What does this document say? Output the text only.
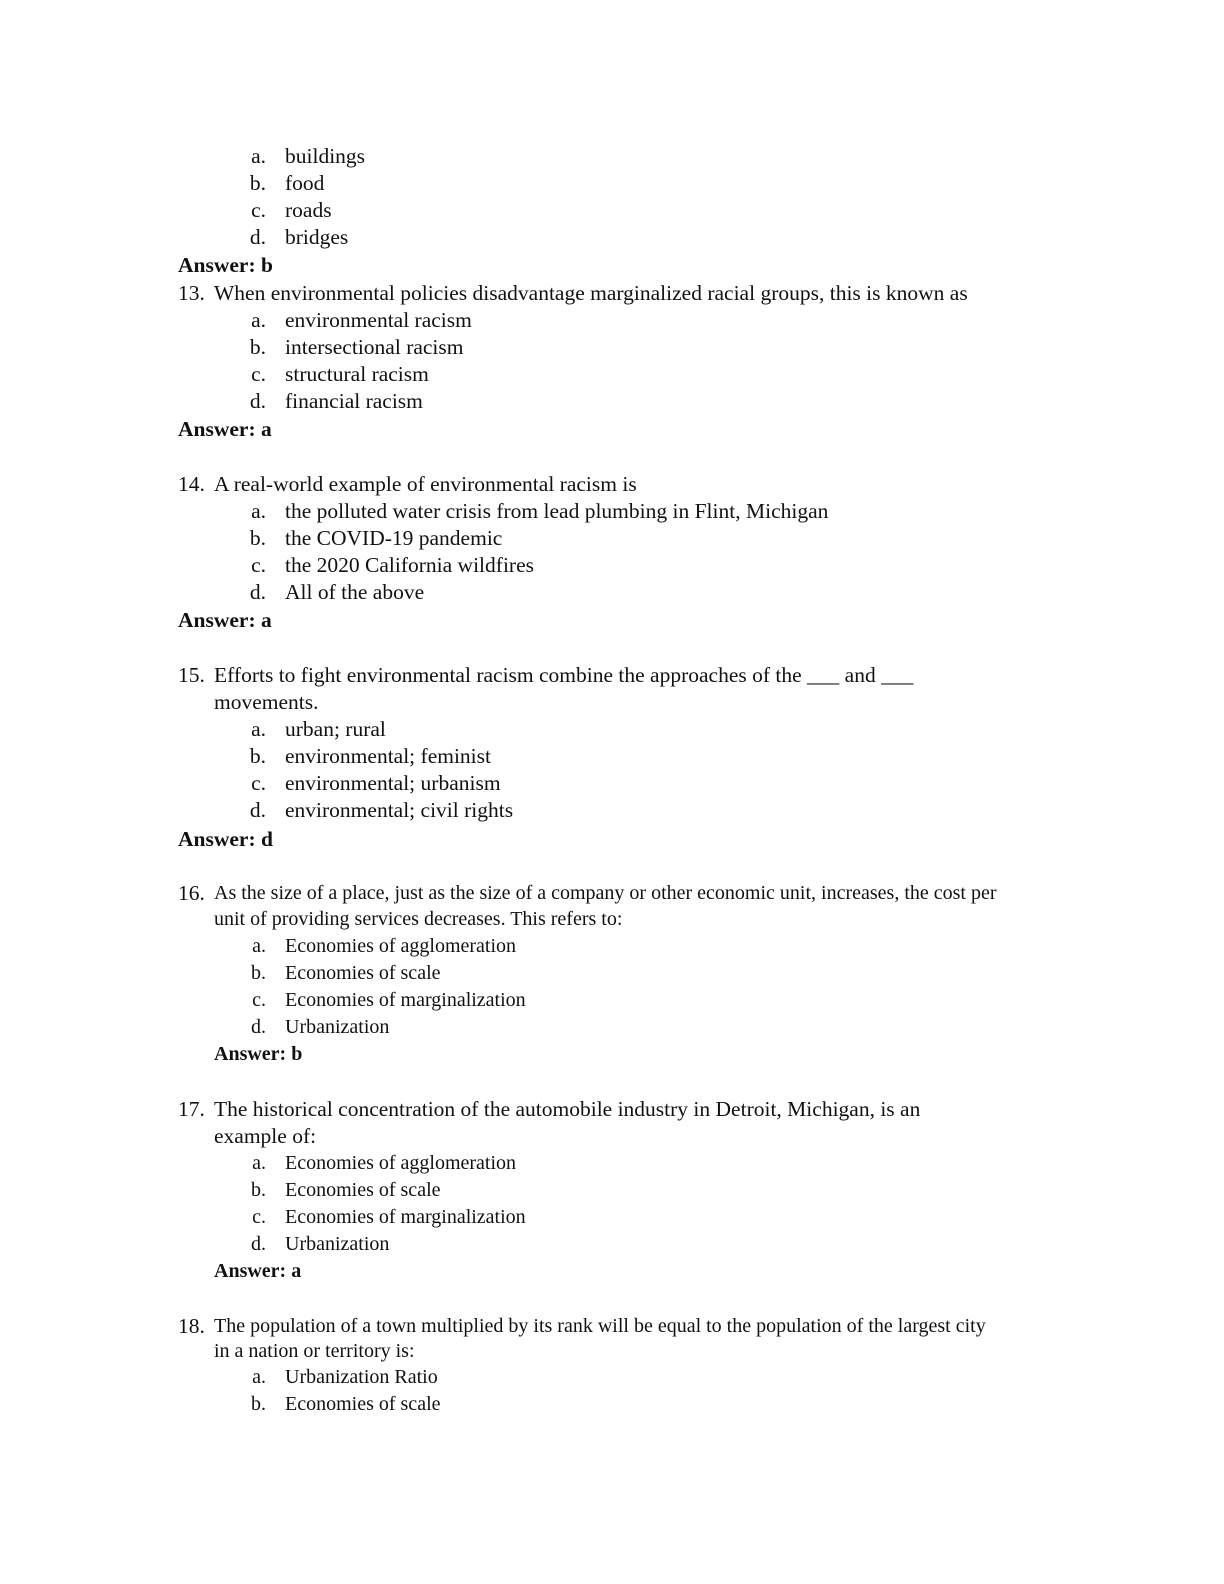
a. buildings
b. food
c. roads
d. bridges
Answer: b
13. When environmental policies disadvantage marginalized racial groups, this is known as
a. environmental racism
b. intersectional racism
c. structural racism
d. financial racism
Answer: a
14. A real-world example of environmental racism is
a. the polluted water crisis from lead plumbing in Flint, Michigan
b. the COVID-19 pandemic
c. the 2020 California wildfires
d. All of the above
Answer: a
15. Efforts to fight environmental racism combine the approaches of the ___ and ___
movements.
a. urban; rural
b. environmental; feminist
c. environmental; urbanism
d. environmental; civil rights
Answer: d
16. As the size of a place, just as the size of a company or other economic unit, increases, the cost per
unit of providing services decreases. This refers to:
a. Economies of agglomeration
b. Economies of scale
c. Economies of marginalization
d. Urbanization
Answer: b
17. The historical concentration of the automobile industry in Detroit, Michigan, is an
example of:
a. Economies of agglomeration
b. Economies of scale
c. Economies of marginalization
d. Urbanization
Answer: a
18. The population of a town multiplied by its rank will be equal to the population of the largest city
in a nation or territory is:
a. Urbanization Ratio
b. Economies of scale
